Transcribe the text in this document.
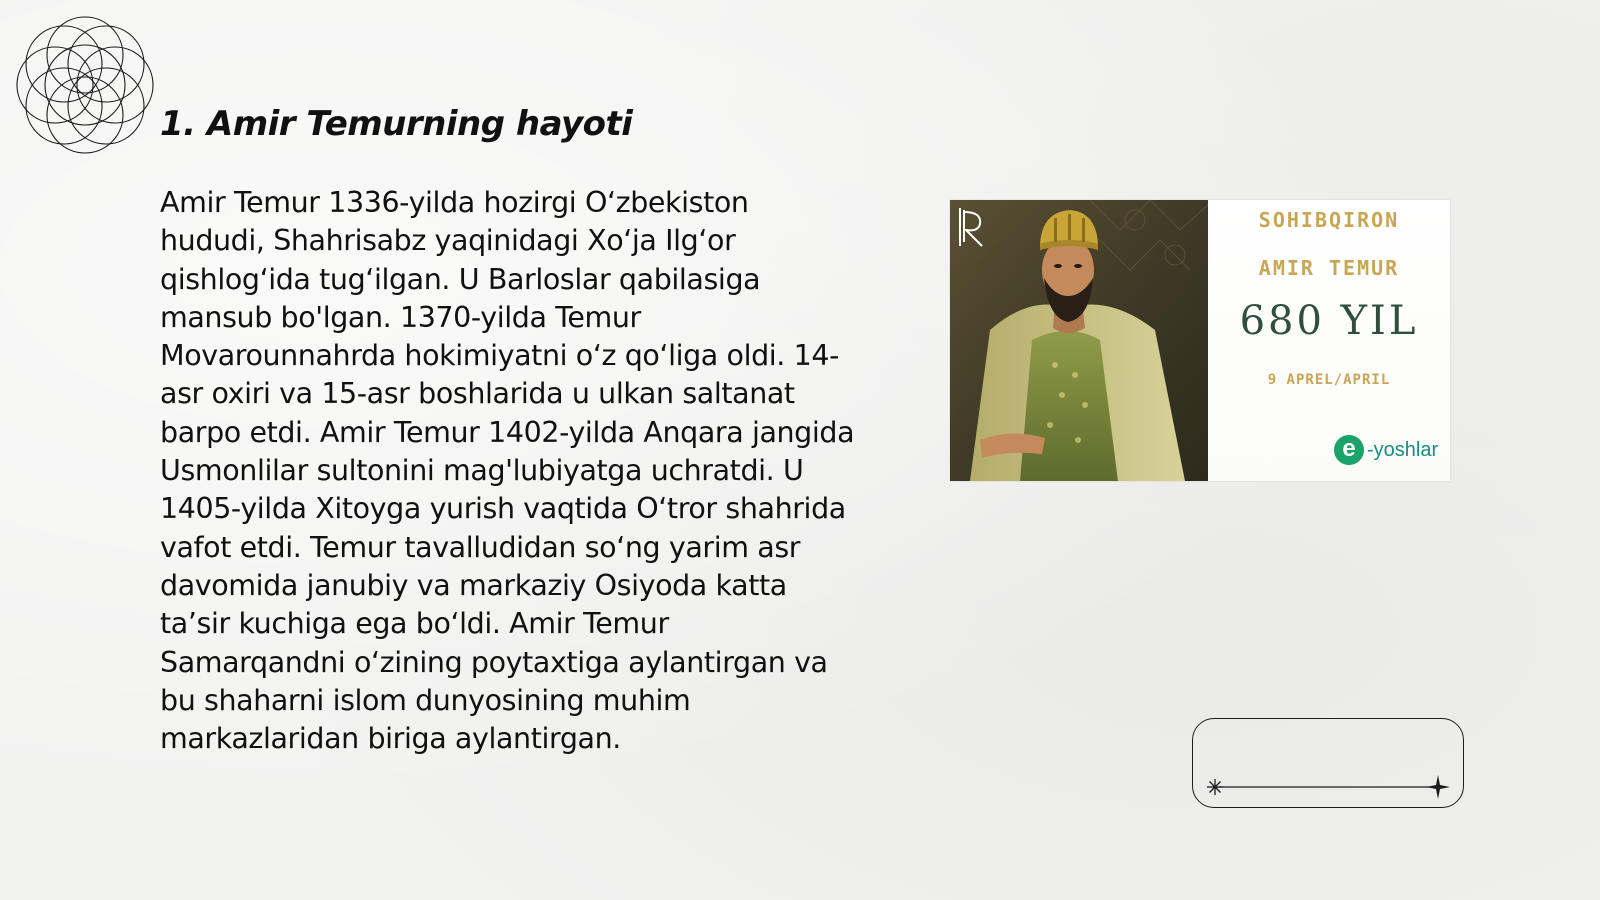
1. Amir Temurning hayoti

Amir Temur 1336-yilda hozirgi O‘zbekiston hududi, Shahrisabz yaqinidagi Xo‘ja Ilg‘or qishlog‘ida tug‘ilgan. U Barloslar qabilasiga mansub bo'lgan. 1370-yilda Temur Movarounnahrda hokimiyatni o‘z qo‘liga oldi. 14-asr oxiri va 15-asr boshlarida u ulkan saltanat barpo etdi. Amir Temur 1402-yilda Anqara jangida Usmonlilar sultonini mag'lubiyatga uchratdi. U 1405-yilda Xitoyga yurish vaqtida O‘tror shahrida vafot etdi. Temur tavalludidan so‘ng yarim asr davomida janubiy va markaziy Osiyoda katta ta’sir kuchiga ega bo‘ldi. Amir Temur Samarqandni o‘zining poytaxtiga aylantirgan va bu shaharni islom dunyosining muhim markazlaridan biriga aylantirgan.

SOHIBQIRON
AMIR TEMUR
680 YIL
9 APREL/APRIL
e -yoshlar
